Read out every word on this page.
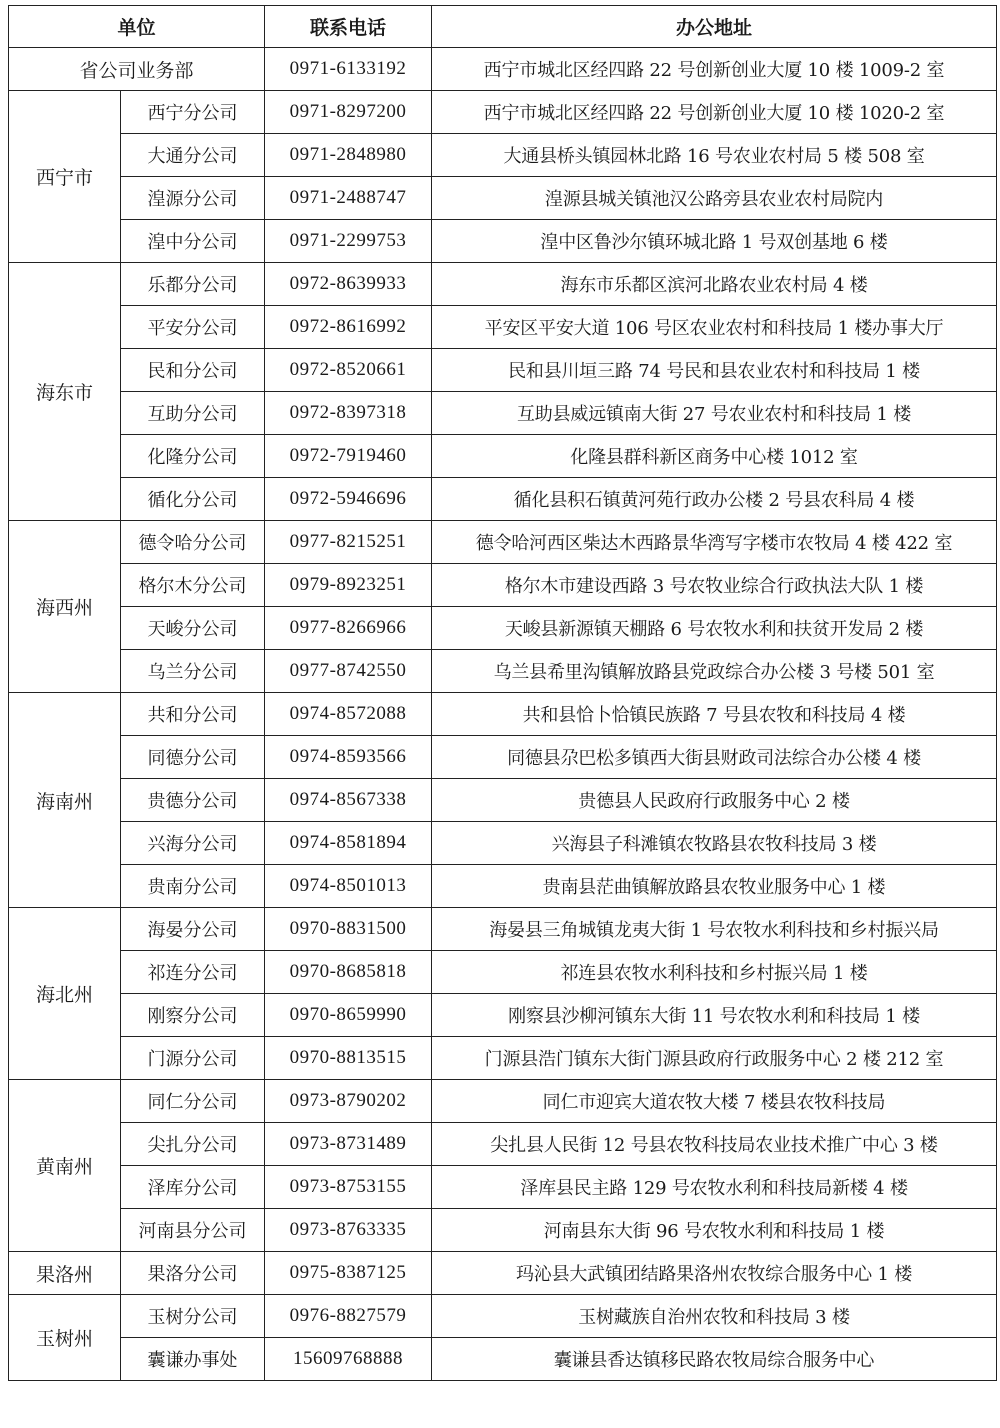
单位		联系电话	办公地址
省公司业务部		0971-6133192	西宁市城北区经四路 22 号创新创业大厦 10 楼 1009-2 室
西宁市	西宁分公司	0971-8297200	西宁市城北区经四路 22 号创新创业大厦 10 楼 1020-2 室
	大通分公司	0971-2848980	大通县桥头镇园林北路 16 号农业农村局 5 楼 508 室
	湟源分公司	0971-2488747	湟源县城关镇池汉公路旁县农业农村局院内
	湟中分公司	0971-2299753	湟中区鲁沙尔镇环城北路 1 号双创基地 6 楼
海东市	乐都分公司	0972-8639933	海东市乐都区滨河北路农业农村局 4 楼
	平安分公司	0972-8616992	平安区平安大道 106 号区农业农村和科技局 1 楼办事大厅
	民和分公司	0972-8520661	民和县川垣三路 74 号民和县农业农村和科技局 1 楼
	互助分公司	0972-8397318	互助县威远镇南大街 27 号农业农村和科技局 1 楼
	化隆分公司	0972-7919460	化隆县群科新区商务中心楼 1012 室
	循化分公司	0972-5946696	循化县积石镇黄河苑行政办公楼 2 号县农科局 4 楼
海西州	德令哈分公司	0977-8215251	德令哈河西区柴达木西路景华湾写字楼市农牧局 4 楼 422 室
	格尔木分公司	0979-8923251	格尔木市建设西路 3 号农牧业综合行政执法大队 1 楼
	天峻分公司	0977-8266966	天峻县新源镇天棚路 6 号农牧水利和扶贫开发局 2 楼
	乌兰分公司	0977-8742550	乌兰县希里沟镇解放路县党政综合办公楼 3 号楼 501 室
海南州	共和分公司	0974-8572088	共和县恰卜恰镇民族路 7 号县农牧和科技局 4 楼
	同德分公司	0974-8593566	同德县尕巴松多镇西大街县财政司法综合办公楼 4 楼
	贵德分公司	0974-8567338	贵德县人民政府行政服务中心 2 楼
	兴海分公司	0974-8581894	兴海县子科滩镇农牧路县农牧科技局 3 楼
	贵南分公司	0974-8501013	贵南县茫曲镇解放路县农牧业服务中心 1 楼
海北州	海晏分公司	0970-8831500	海晏县三角城镇龙夷大街 1 号农牧水利科技和乡村振兴局
	祁连分公司	0970-8685818	祁连县农牧水利科技和乡村振兴局 1 楼
	刚察分公司	0970-8659990	刚察县沙柳河镇东大街 11 号农牧水利和科技局 1 楼
	门源分公司	0970-8813515	门源县浩门镇东大街门源县政府行政服务中心 2 楼 212 室
黄南州	同仁分公司	0973-8790202	同仁市迎宾大道农牧大楼 7 楼县农牧科技局
	尖扎分公司	0973-8731489	尖扎县人民街 12 号县农牧科技局农业技术推广中心 3 楼
	泽库分公司	0973-8753155	泽库县民主路 129 号农牧水利和科技局新楼 4 楼
	河南县分公司	0973-8763335	河南县东大街 96 号农牧水利和科技局 1 楼
果洛州	果洛分公司	0975-8387125	玛沁县大武镇团结路果洛州农牧综合服务中心 1 楼
玉树州	玉树分公司	0976-8827579	玉树藏族自治州农牧和科技局 3 楼
	囊谦办事处	15609768888	囊谦县香达镇移民路农牧局综合服务中心
